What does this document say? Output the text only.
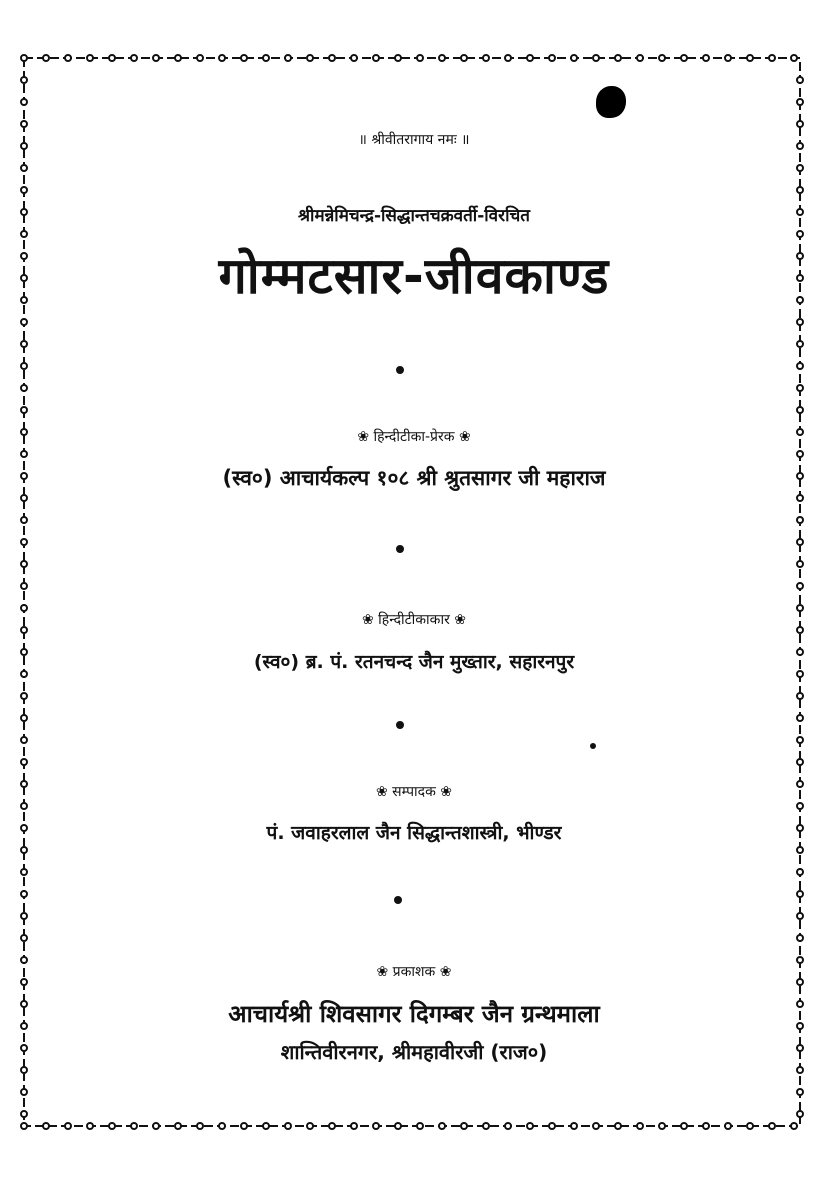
॥ श्रीवीतरागाय नमः ॥
श्रीमन्नेमिचन्द्र-सिद्धान्तचक्रवर्ती-विरचित
गोम्मटसार-जीवकाण्ड
❀ हिन्दीटीका-प्रेरक ❀
(स्व०) आचार्यकल्प १०८ श्री श्रुतसागर जी महाराज
❀ हिन्दीटीकाकार ❀
(स्व०) ब्र. पं. रतनचन्द जैन मुख्तार, सहारनपुर
❀ सम्पादक ❀
पं. जवाहरलाल जैन सिद्धान्तशास्त्री, भीण्डर
❀ प्रकाशक ❀
आचार्यश्री शिवसागर दिगम्बर जैन ग्रन्थमाला
शान्तिवीरनगर, श्रीमहावीरजी (राज०)
